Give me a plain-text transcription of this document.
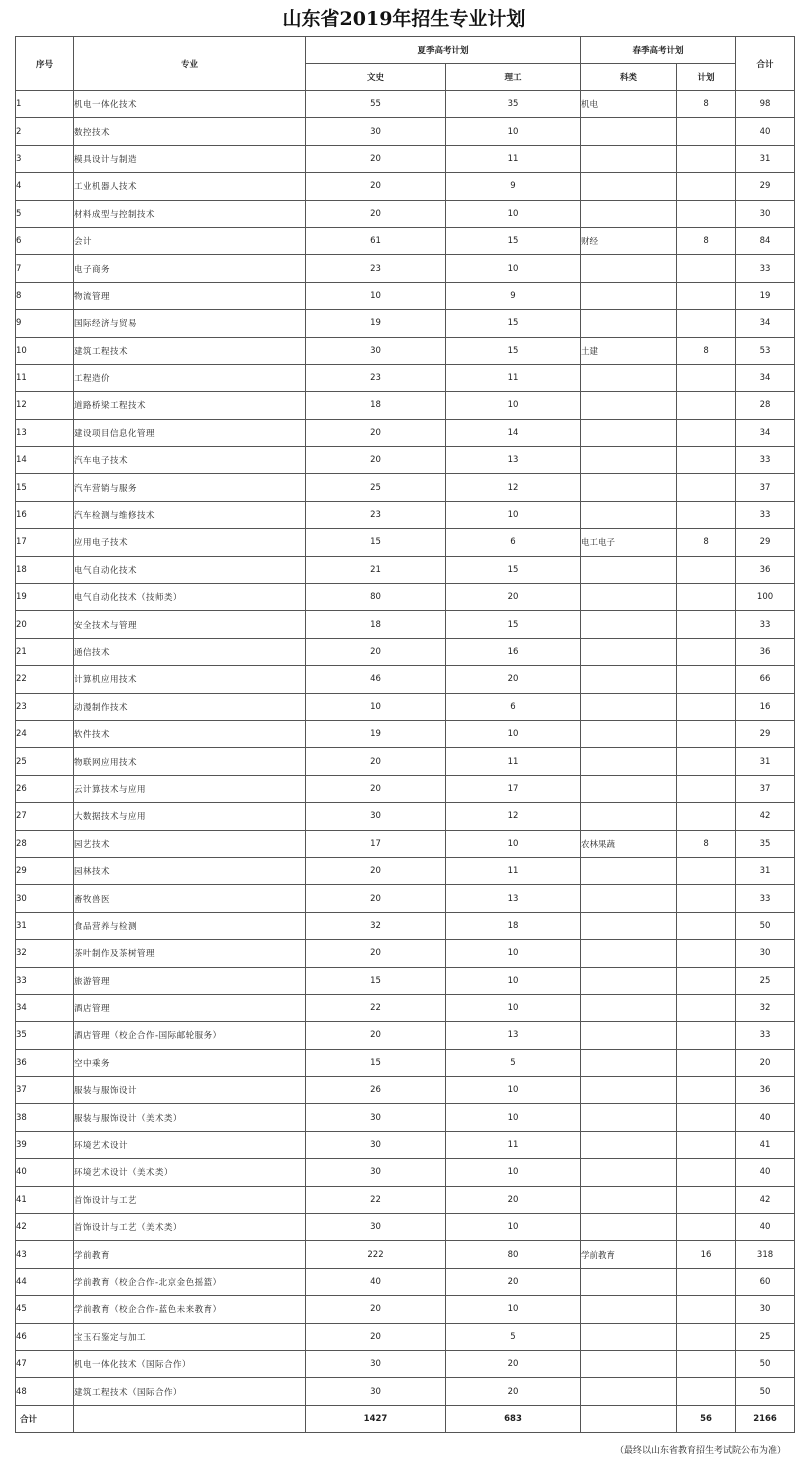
山东省2019年招生专业计划
序号	专业	夏季高考计划		春季高考计划		合计
		文史	理工	科类	计划	
1	机电一体化技术	55	35	机电	8	98
2	数控技术	30	10			40
3	模具设计与制造	20	11			31
4	工业机器人技术	20	9			29
5	材料成型与控制技术	20	10			30
6	会计	61	15	财经	8	84
7	电子商务	23	10			33
8	物流管理	10	9			19
9	国际经济与贸易	19	15			34
10	建筑工程技术	30	15	土建	8	53
11	工程造价	23	11			34
12	道路桥梁工程技术	18	10			28
13	建设项目信息化管理	20	14			34
14	汽车电子技术	20	13			33
15	汽车营销与服务	25	12			37
16	汽车检测与维修技术	23	10			33
17	应用电子技术	15	6	电工电子	8	29
18	电气自动化技术	21	15			36
19	电气自动化技术（技师类）	80	20			100
20	安全技术与管理	18	15			33
21	通信技术	20	16			36
22	计算机应用技术	46	20			66
23	动漫制作技术	10	6			16
24	软件技术	19	10			29
25	物联网应用技术	20	11			31
26	云计算技术与应用	20	17			37
27	大数据技术与应用	30	12			42
28	园艺技术	17	10	农林果蔬	8	35
29	园林技术	20	11			31
30	畜牧兽医	20	13			33
31	食品营养与检测	32	18			50
32	茶叶制作及茶树管理	20	10			30
33	旅游管理	15	10			25
34	酒店管理	22	10			32
35	酒店管理（校企合作-国际邮轮服务）	20	13			33
36	空中乘务	15	5			20
37	服装与服饰设计	26	10			36
38	服装与服饰设计（美术类）	30	10			40
39	环境艺术设计	30	11			41
40	环境艺术设计（美术类）	30	10			40
41	首饰设计与工艺	22	20			42
42	首饰设计与工艺（美术类）	30	10			40
43	学前教育	222	80	学前教育	16	318
44	学前教育（校企合作-北京金色摇篮）	40	20			60
45	学前教育（校企合作-蓝色未来教育）	20	10			30
46	宝玉石鉴定与加工	20	5			25
47	机电一体化技术（国际合作）	30	20			50
48	建筑工程技术（国际合作）	30	20			50
合计		1427	683		56	2166
（最终以山东省教育招生考试院公布为准）
